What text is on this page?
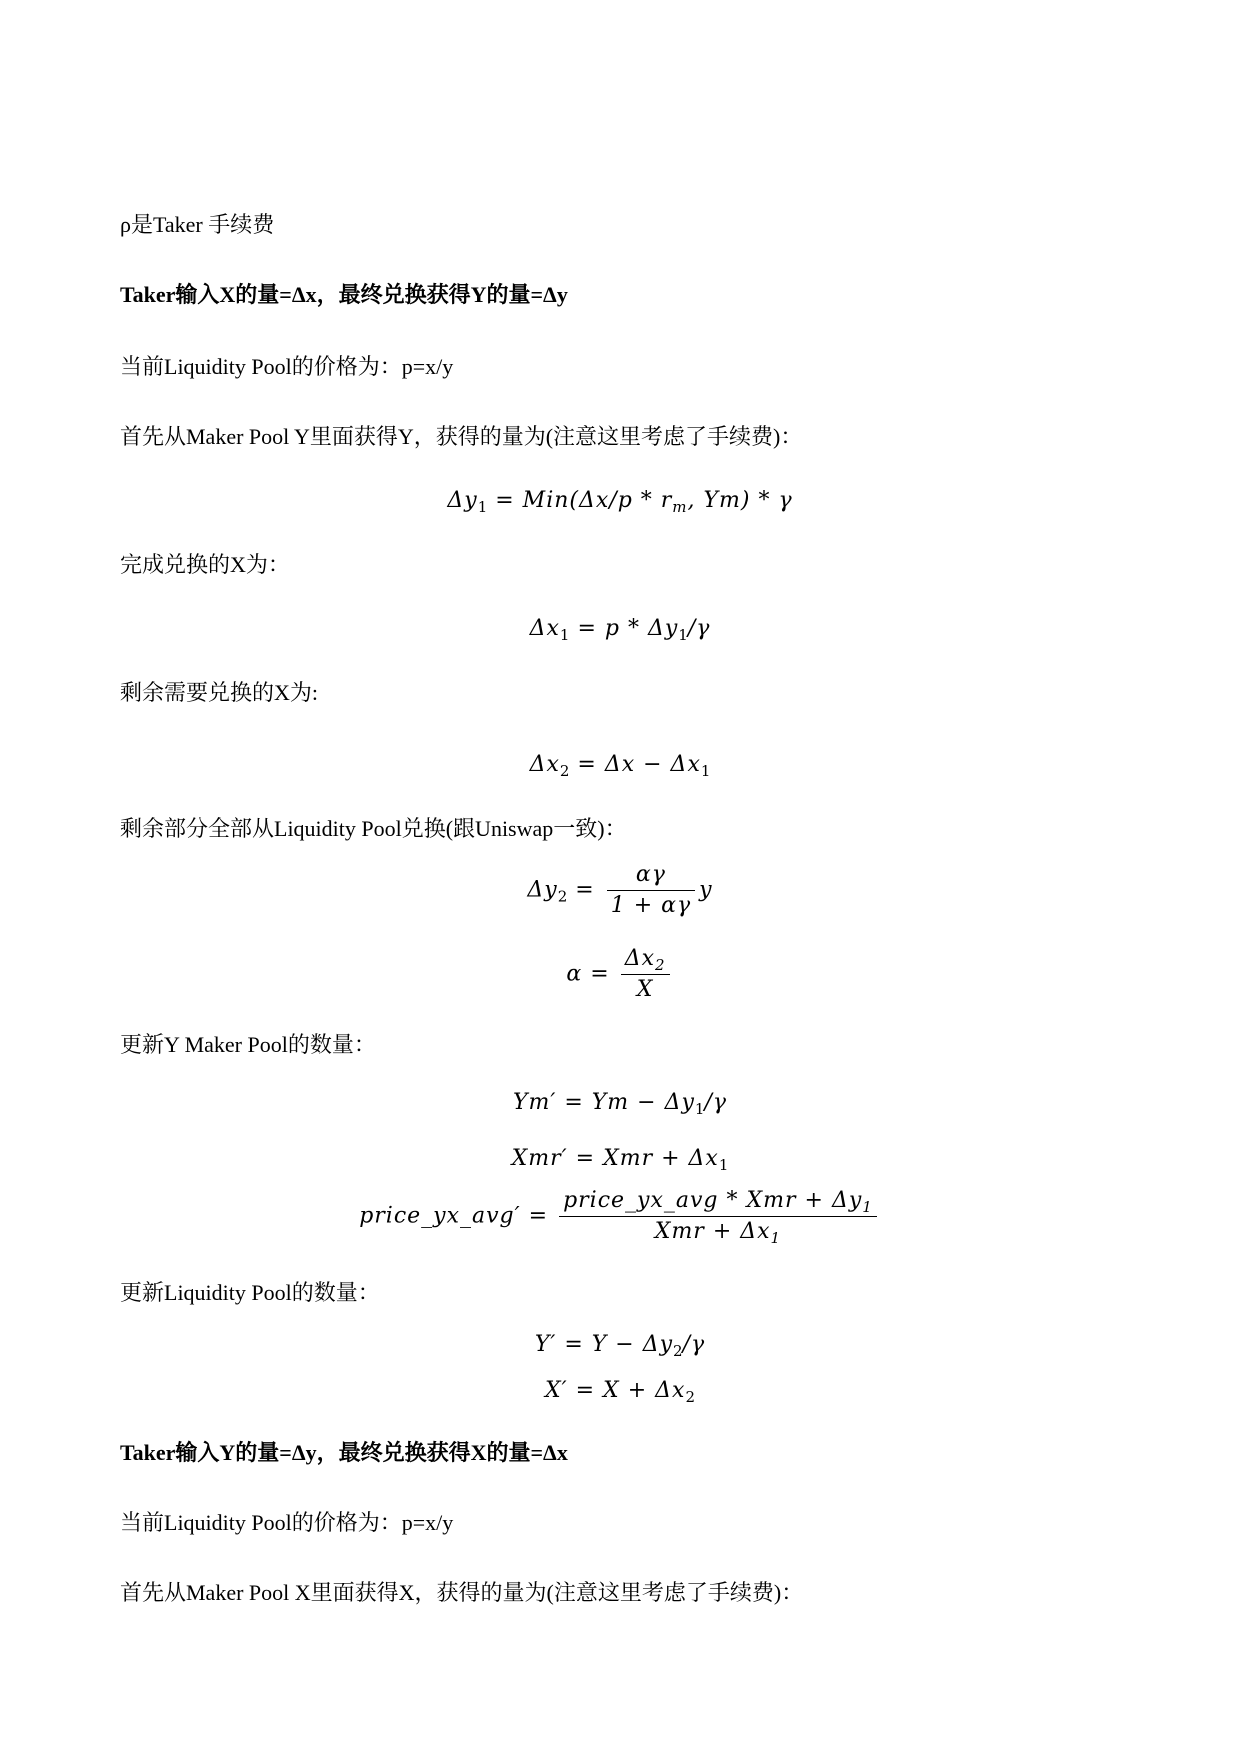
ρ是Taker 手续费
Taker输入X的量=Δx，最终兑换获得Y的量=Δy
当前Liquidity Pool的价格为：p=x/y
首先从Maker Pool Y里面获得Y，获得的量为(注意这里考虑了手续费)：
$\Delta y_1 = Min(\Delta x/p * r_m$, Ym) * γ
完成兑换的X为：
$\Delta x_1 = p * \Delta y_1/\gamma$
剩余需要兑换的X为:
$\Delta x_2 = \Delta x - \Delta x_1$
剩余部分全部从Liquidity Pool兑换(跟Uniswap一致)：
$\Delta y_2 = \frac{\alpha\gamma}{1 + \alpha\gamma}$ y
$\alpha = \frac{\Delta x_2}{X}$
更新Y Maker Pool的数量：
$Ym' = Ym - \Delta y_1/\gamma$
Xmr′ = Xmr + $\Delta x_1$
price_yx_avg′ = $\frac{price\_yx\_avg * Xmr + \Delta y_1}{Xmr + \Delta x_1}$
更新Liquidity Pool的数量：
$Y' = Y - \Delta y_2/\gamma$
$X' = X + \Delta x_2$
Taker输入Y的量=Δy，最终兑换获得X的量=Δx
当前Liquidity Pool的价格为：p=x/y
首先从Maker Pool X里面获得X，获得的量为(注意这里考虑了手续费)：
